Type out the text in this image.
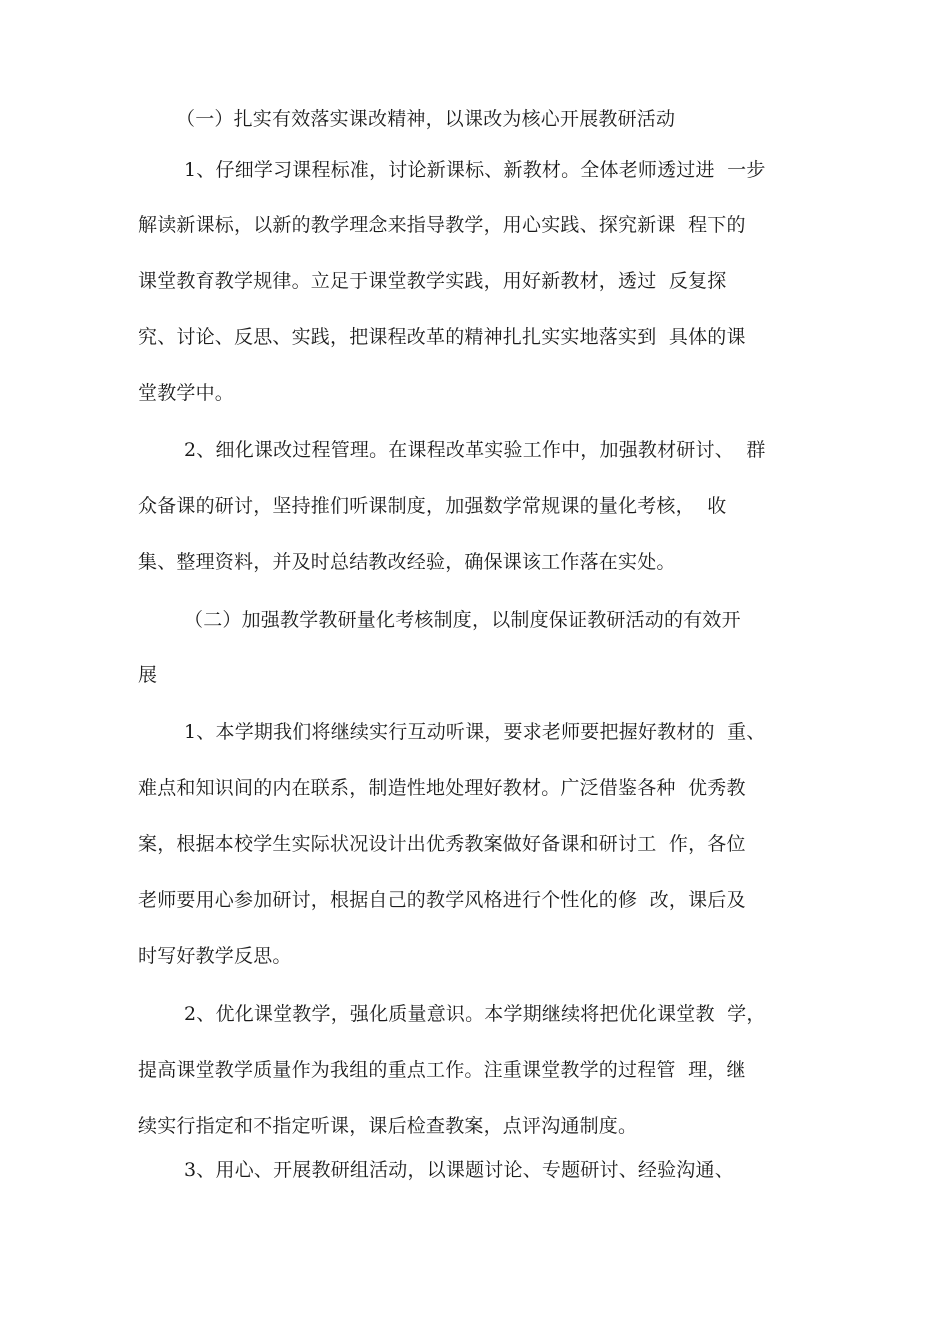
（一）扎实有效落实课改精神，以课改为核心开展教研活动
1、仔细学习课程标准，讨论新课标、新教材。全体老师透过进  一步
解读新课标，以新的教学理念来指导教学，用心实践、探究新课  程下的
课堂教育教学规律。立足于课堂教学实践，用好新教材，透过  反复探
究、讨论、反思、实践，把课程改革的精神扎扎实实地落实到  具体的课
堂教学中。
2、细化课改过程管理。在课程改革实验工作中，加强教材研讨、  群
众备课的研讨，坚持推们听课制度，加强数学常规课的量化考核，  收
集、整理资料，并及时总结教改经验，确保课该工作落在实处。
（二）加强教学教研量化考核制度，以制度保证教研活动的有效开
展
1、本学期我们将继续实行互动听课，要求老师要把握好教材的  重、
难点和知识间的内在联系，制造性地处理好教材。广泛借鉴各种  优秀教
案，根据本校学生实际状况设计出优秀教案做好备课和研讨工  作，各位
老师要用心参加研讨，根据自己的教学风格进行个性化的修  改，课后及
时写好教学反思。
2、优化课堂教学，强化质量意识。本学期继续将把优化课堂教  学，
提高课堂教学质量作为我组的重点工作。注重课堂教学的过程管  理，继
续实行指定和不指定听课，课后检查教案，点评沟通制度。
3、用心、开展教研组活动，以课题讨论、专题研讨、经验沟通、
